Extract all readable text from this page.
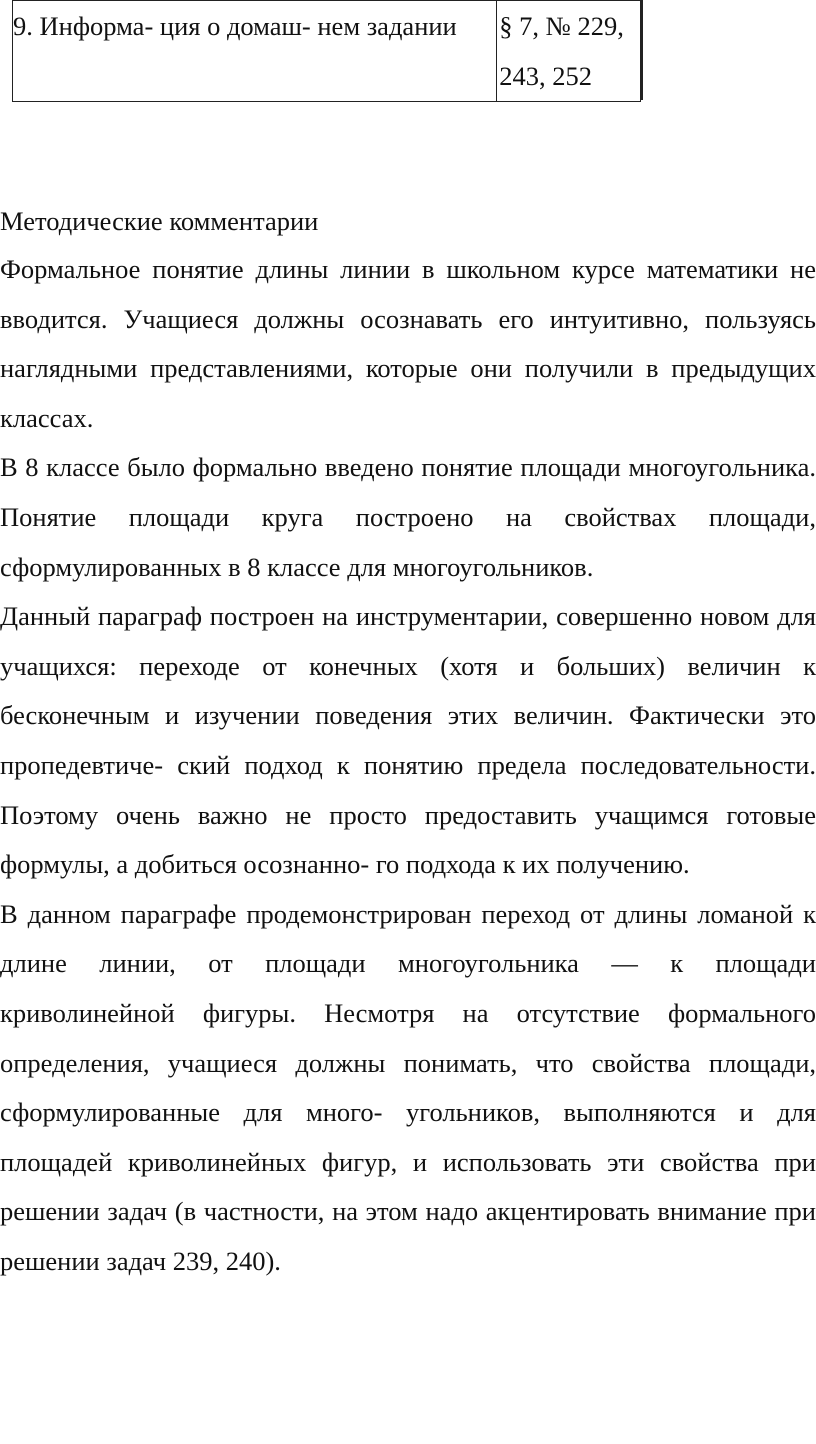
9. Информа- ция о домаш- нем задании	§ 7, № 229, 243, 252
Методические комментарии

Формальное понятие длины линии в школьном курсе математики не вводится. Учащиеся должны осознавать его интуитивно, пользуясь наглядными представлениями, которые они получили в предыдущих классах.

В 8 классе было формально введено понятие площади многоугольника. Понятие площади круга построено на свойствах площади, сформулированных в 8 классе для многоугольников.

Данный параграф построен на инструментарии, совершенно новом для учащихся: переходе от конечных (хотя и больших) величин к бесконечным и изучении поведения этих величин. Фактически это пропедевтиче- ский подход к понятию предела последовательности. Поэтому очень важно не просто предоставить учащимся готовые формулы, а добиться осознанно- го подхода к их получению.

В данном параграфе продемонстрирован переход от длины ломаной к длине линии, от площади многоугольника — к площади криволинейной фигуры. Несмотря на отсутствие формального определения, учащиеся должны понимать, что свойства площади, сформулированные для много- угольников, выполняются и для площадей криволинейных фигур, и использовать эти свойства при решении задач (в частности, на этом надо акцентировать внимание при решении задач 239, 240).
